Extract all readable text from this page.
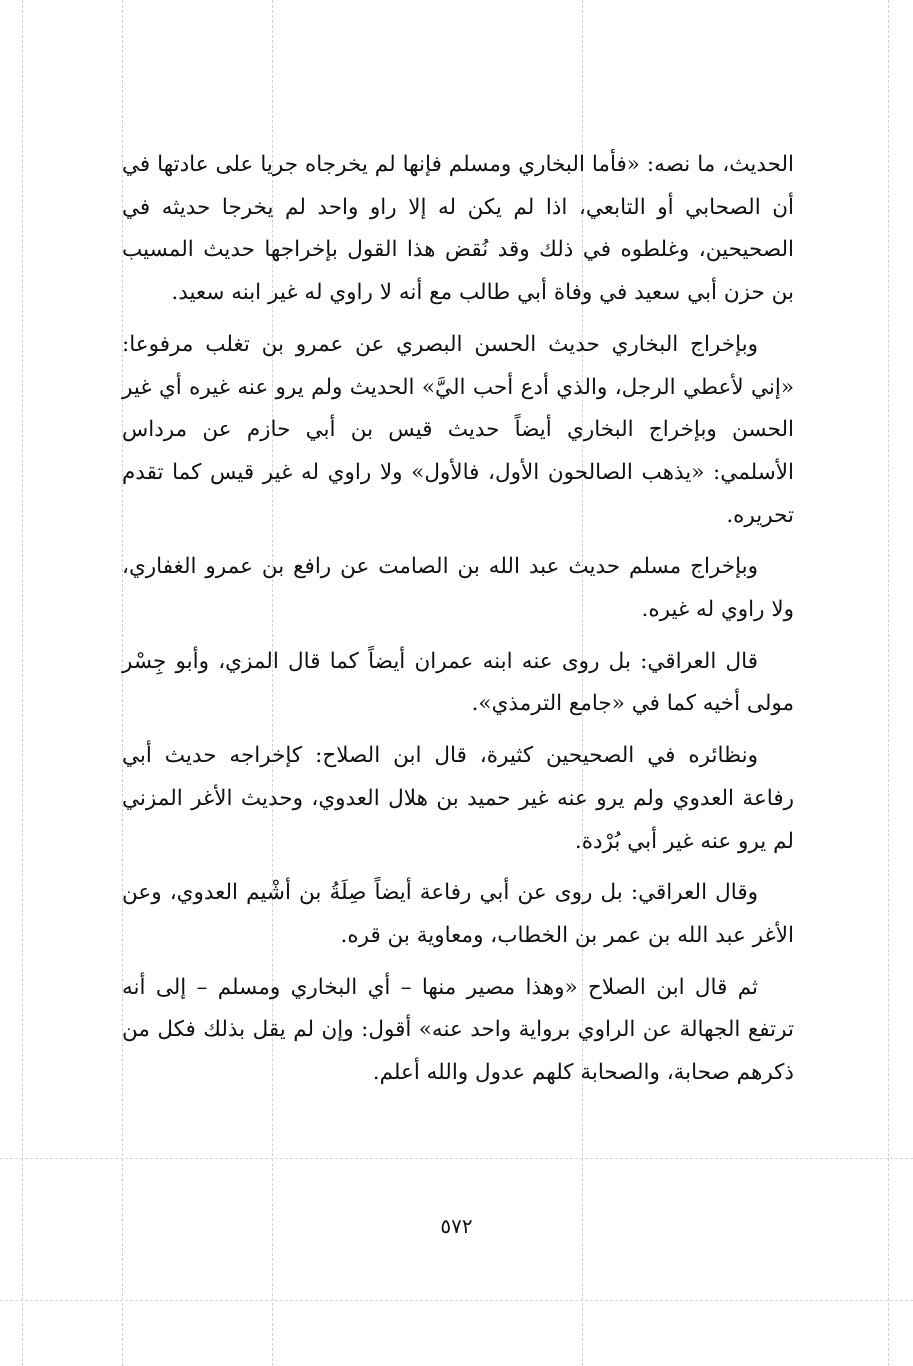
الحديث، ما نصه: «فأما البخاري ومسلم فإنها لم يخرجاه جريا على عادتها في أن الصحابي أو التابعي، اذا لم يكن له إلا راو واحد لم يخرجا حديثه في الصحيحين، وغلطوه في ذلك وقد نُقض هذا القول بإخراجها حديث المسيب بن حزن أبي سعيد في وفاة أبي طالب مع أنه لا راوي له غير ابنه سعيد.

وبإخراج البخاري حديث الحسن البصري عن عمرو بن تغلب مرفوعا: «إني لأعطي الرجل، والذي أدع أحب اليَّ» الحديث ولم يرو عنه غيره أي غير الحسن وبإخراج البخاري أيضاً حديث قيس بن أبي حازم عن مرداس الأسلمي: «يذهب الصالحون الأول، فالأول» ولا راوي له غير قيس كما تقدم تحريره.

وبإخراج مسلم حديث عبد الله بن الصامت عن رافع بن عمرو الغفاري، ولا راوي له غيره.

قال العراقي: بل روى عنه ابنه عمران أيضاً كما قال المزي، وأبو جِسْر مولى أخيه كما في «جامع الترمذي».

ونظائره في الصحيحين كثيرة، قال ابن الصلاح: كإخراجه حديث أبي رفاعة العدوي ولم يرو عنه غير حميد بن هلال العدوي، وحديث الأغر المزني لم يرو عنه غير أبي بُرْدة.

وقال العراقي: بل روى عن أبي رفاعة أيضاً صِلَةُ بن أشْيم العدوي، وعن الأغر عبد الله بن عمر بن الخطاب، ومعاوية بن قره.

ثم قال ابن الصلاح «وهذا مصير منها – أي البخاري ومسلم – إلى أنه ترتفع الجهالة عن الراوي برواية واحد عنه» أقول: وإن لم يقل بذلك فكل من ذكرهم صحابة، والصحابة كلهم عدول والله أعلم.

٥٧٢
